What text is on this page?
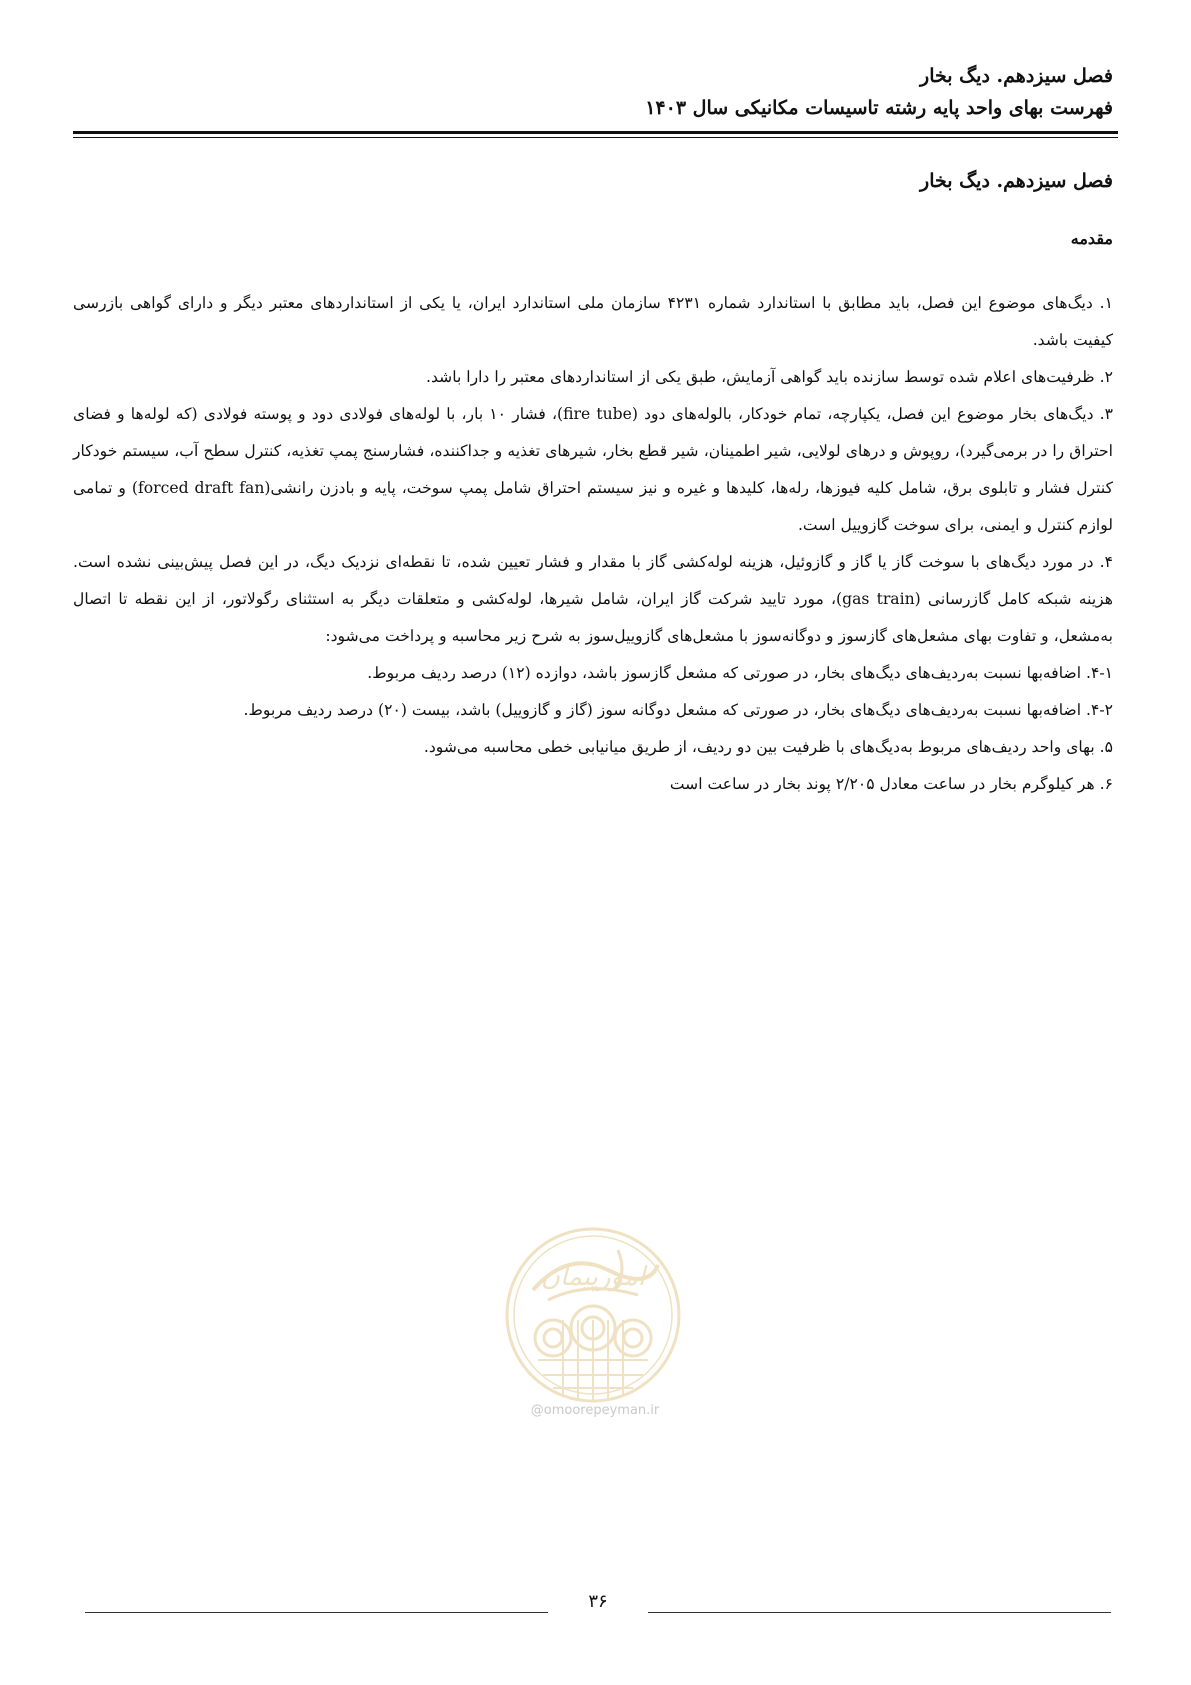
فصل سیزدهم. دیگ بخار
فهرست بهای واحد پایه رشته تاسیسات مکانیکی سال ۱۴۰۳
فصل سیزدهم. دیگ بخار
مقدمه

۱. دیگ‌های موضوع این فصل، باید مطابق با استاندارد شماره ۴۲۳۱ سازمان ملی استاندارد ایران، یا یکی از استانداردهای معتبر دیگر و دارای گواهی بازرسی کیفیت باشد.

۲. ظرفیت‌های اعلام شده توسط سازنده باید گواهی آزمایش، طبق یکی از استانداردهای معتبر را دارا باشد.

۳. دیگ‌های بخار موضوع این فصل، یکپارچه، تمام خودکار، بالوله‌های دود (fire tube)، فشار ۱۰ بار، با لوله‌های فولادی دود و پوسته فولادی (که لوله‌ها و فضای احتراق را در برمی‌گیرد)، روپوش و درهای لولایی، شیر اطمینان، شیر قطع بخار، شیرهای تغذیه و جداکننده، فشارسنج پمپ تغذیه، کنترل سطح آب، سیستم خودکار کنترل فشار و تابلوی برق، شامل کلیه فیوزها، رله‌ها، کلیدها و غیره و نیز سیستم احتراق شامل پمپ سوخت، پایه و بادزن رانشی(forced draft fan) و تمامی لوازم کنترل و ایمنی، برای سوخت گازوییل است.

۴. در مورد دیگ‌های با سوخت گاز یا گاز و گازوئیل، هزینه لوله‌کشی گاز با مقدار و فشار تعیین شده، تا نقطه‌ای نزدیک دیگ، در این فصل پیش‌بینی نشده است. هزینه شبکه کامل گازرسانی (gas train)، مورد تایید شرکت گاز ایران، شامل شیرها، لوله‌کشی و متعلقات دیگر به استثنای رگولاتور، از این نقطه تا اتصال به‌مشعل، و تفاوت بهای مشعل‌های گازسوز و دوگانه‌سوز با مشعل‌های گازوییل‌سوز به شرح زیر محاسبه و پرداخت می‌شود:

۴-۱. اضافه‌بها نسبت به‌ردیف‌های دیگ‌های بخار، در صورتی که مشعل گازسوز باشد، دوازده (۱۲) درصد ردیف مربوط.

۴-۲. اضافه‌بها نسبت به‌ردیف‌های دیگ‌های بخار، در صورتی که مشعل دوگانه سوز (گاز و گازوییل) باشد، بیست (۲۰) درصد ردیف مربوط.

۵. بهای واحد ردیف‌های مربوط به‌دیگ‌های با ظرفیت بین دو ردیف، از طریق میانیابی خطی محاسبه می‌شود.

۶. هر کیلوگرم بخار در ساعت معادل ۲/۲۰۵ پوند بخار در ساعت است

امورپیمان
@omoorepeyman.ir
۳۶
